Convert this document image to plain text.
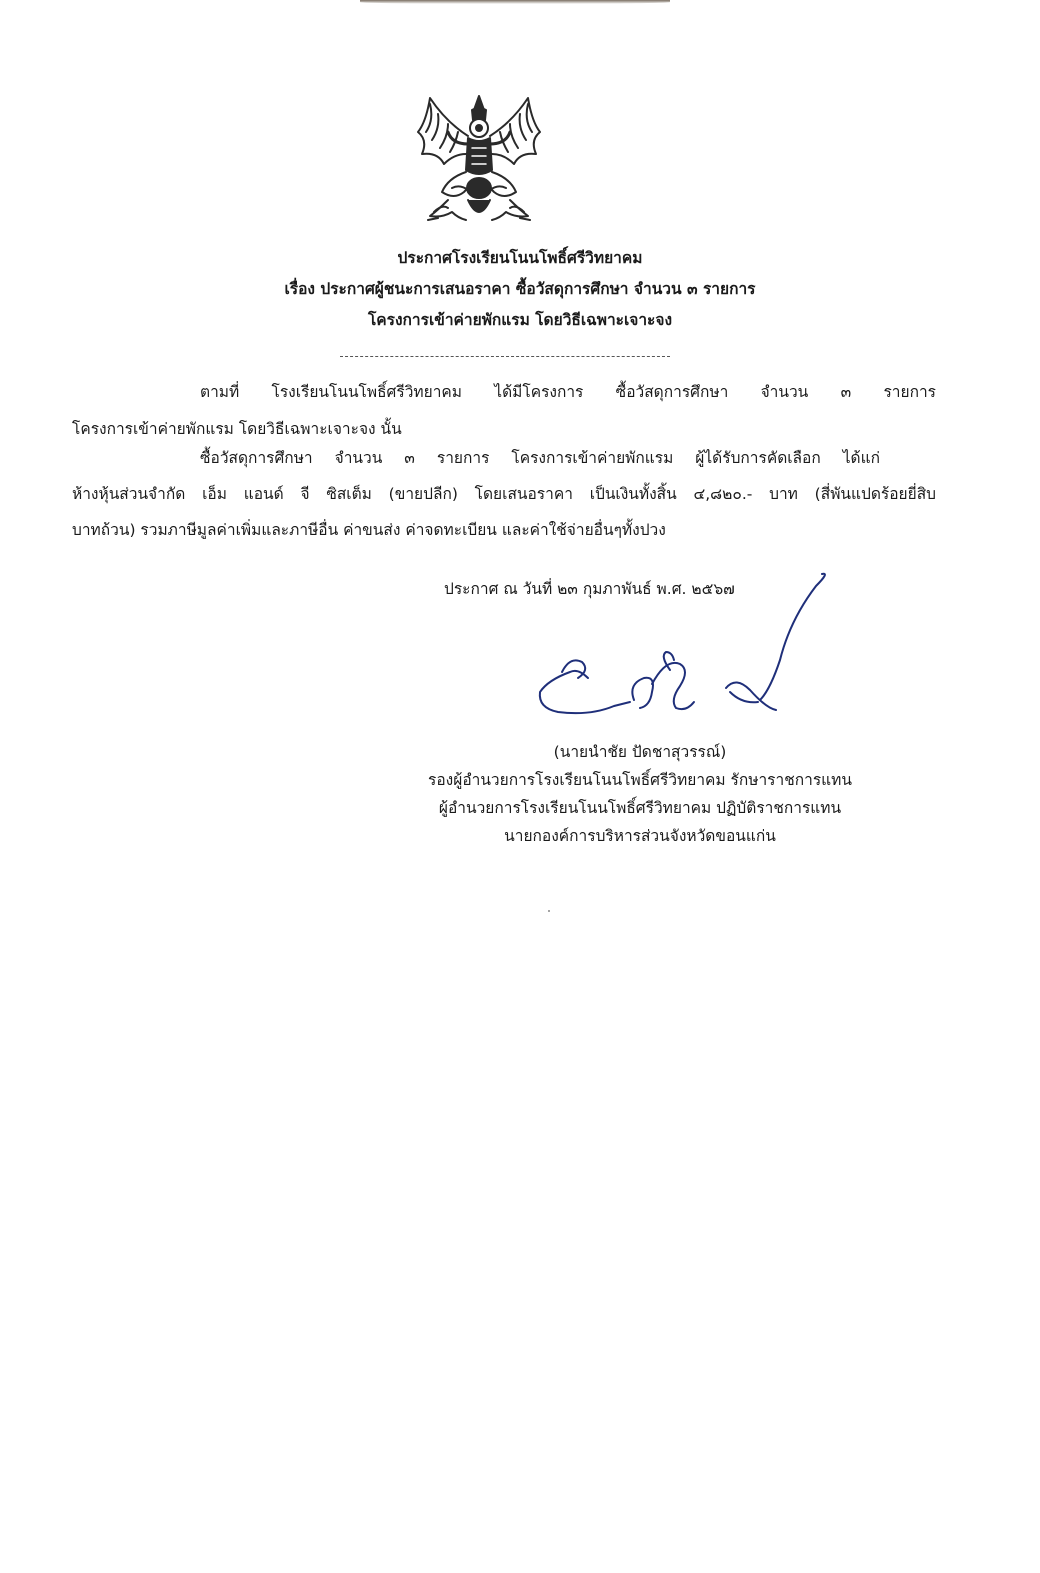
ประกาศโรงเรียนโนนโพธิ์ศรีวิทยาคม
เรื่อง ประกาศผู้ชนะการเสนอราคา ซื้อวัสดุการศึกษา จำนวน ๓ รายการ
โครงการเข้าค่ายพักแรม โดยวิธีเฉพาะเจาะจง
ตามที่ โรงเรียนโนนโพธิ์ศรีวิทยาคม ได้มีโครงการ ซื้อวัสดุการศึกษา จำนวน ๓ รายการ
โครงการเข้าค่ายพักแรม โดยวิธีเฉพาะเจาะจง นั้น
ซื้อวัสดุการศึกษา จำนวน ๓ รายการ โครงการเข้าค่ายพักแรม ผู้ได้รับการคัดเลือก ได้แก่
ห้างหุ้นส่วนจำกัด เอ็ม แอนด์ จี ซิสเต็ม (ขายปลีก) โดยเสนอราคา เป็นเงินทั้งสิ้น ๔,๘๒๐.- บาท (สี่พันแปดร้อยยี่สิบ
บาทถ้วน) รวมภาษีมูลค่าเพิ่มและภาษีอื่น ค่าขนส่ง ค่าจดทะเบียน และค่าใช้จ่ายอื่นๆทั้งปวง
ประกาศ ณ วันที่ ๒๓ กุมภาพันธ์ พ.ศ. ๒๕๖๗
(นายนำชัย ปัดชาสุวรรณ์)
รองผู้อำนวยการโรงเรียนโนนโพธิ์ศรีวิทยาคม รักษาราชการแทน
ผู้อำนวยการโรงเรียนโนนโพธิ์ศรีวิทยาคม ปฏิบัติราชการแทน
นายกองค์การบริหารส่วนจังหวัดขอนแก่น
